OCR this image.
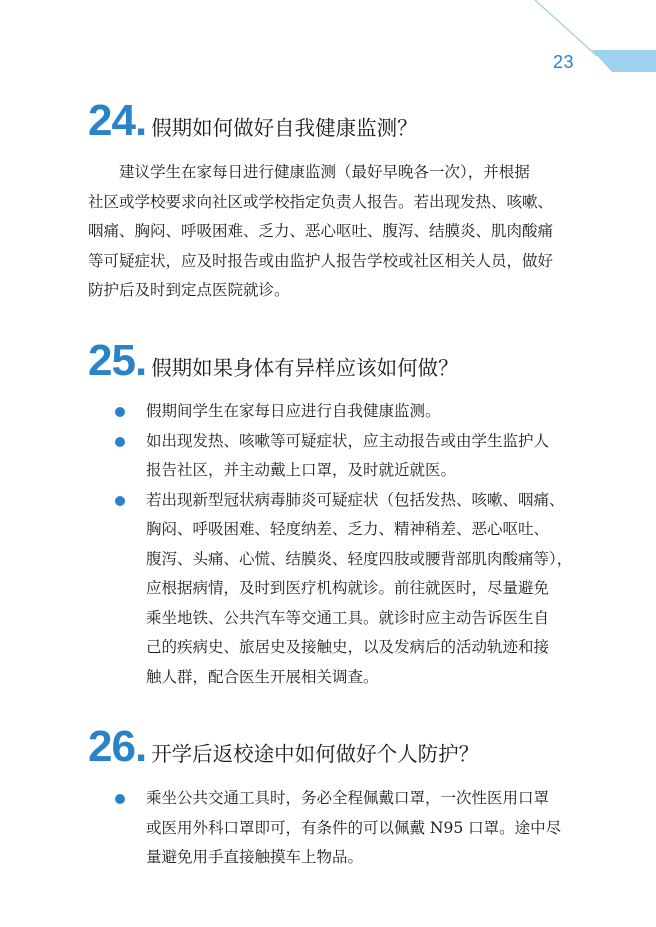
23
24. 假期如何做好自我健康监测？
建议学生在家每日进行健康监测（最好早晚各一次），并根据
社区或学校要求向社区或学校指定负责人报告。若出现发热、咳嗽、
咽痛、胸闷、呼吸困难、乏力、恶心呕吐、腹泻、结膜炎、肌肉酸痛
等可疑症状，应及时报告或由监护人报告学校或社区相关人员，做好
防护后及时到定点医院就诊。
25. 假期如果身体有异样应该如何做？
假期间学生在家每日应进行自我健康监测。
如出现发热、咳嗽等可疑症状，应主动报告或由学生监护人
报告社区，并主动戴上口罩，及时就近就医。
若出现新型冠状病毒肺炎可疑症状（包括发热、咳嗽、咽痛、
胸闷、呼吸困难、轻度纳差、乏力、精神稍差、恶心呕吐、
腹泻、头痛、心慌、结膜炎、轻度四肢或腰背部肌肉酸痛等），
应根据病情，及时到医疗机构就诊。前往就医时，尽量避免
乘坐地铁、公共汽车等交通工具。就诊时应主动告诉医生自
己的疾病史、旅居史及接触史，以及发病后的活动轨迹和接
触人群，配合医生开展相关调查。
26. 开学后返校途中如何做好个人防护？
乘坐公共交通工具时，务必全程佩戴口罩，一次性医用口罩
或医用外科口罩即可，有条件的可以佩戴 N95 口罩。途中尽
量避免用手直接触摸车上物品。
